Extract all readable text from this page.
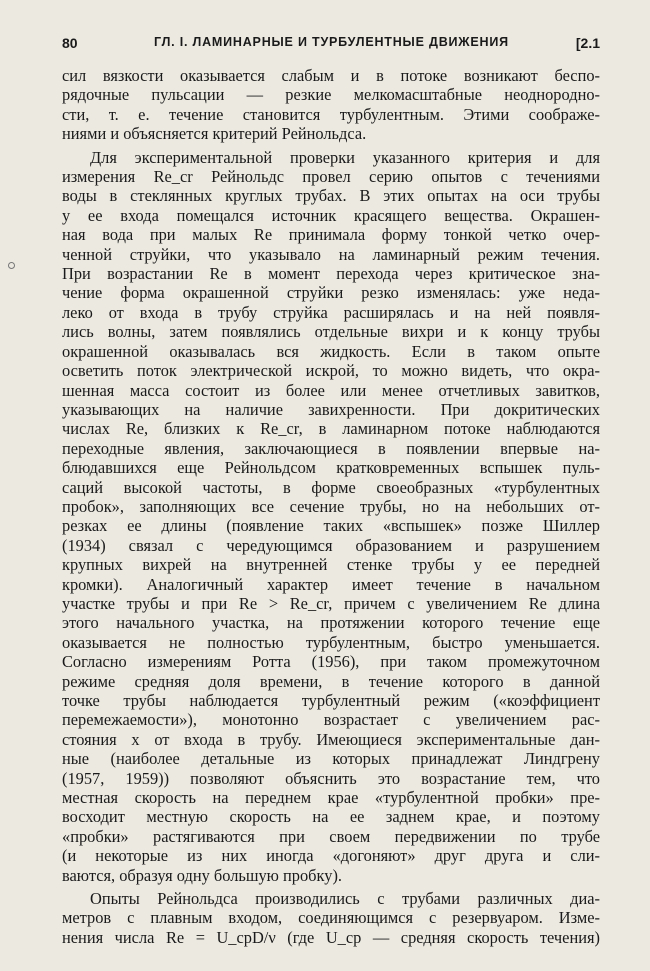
80	ГЛ. I. ЛАМИНАРНЫЕ И ТУРБУЛЕНТНЫЕ ДВИЖЕНИЯ	[2.1

сил вязкости оказывается слабым и в потоке возникают беспо-
рядочные пульсации — резкие мелкомасштабные неоднородно-
сти, т. е. течение становится турбулентным. Этими соображе-
ниями и объясняется критерий Рейнольдса.

Для экспериментальной проверки указанного критерия и для
измерения Re_cr Рейнольдс провел серию опытов с течениями
воды в стеклянных круглых трубах. В этих опытах на оси трубы
у ее входа помещался источник красящего вещества. Окрашен-
ная вода при малых Re принимала форму тонкой четко очер-
ченной струйки, что указывало на ламинарный режим течения.
При возрастании Re в момент перехода через критическое зна-
чение форма окрашенной струйки резко изменялась: уже неда-
леко от входа в трубу струйка расширялась и на ней появля-
лись волны, затем появлялись отдельные вихри и к концу трубы
окрашенной оказывалась вся жидкость. Если в таком опыте
осветить поток электрической искрой, то можно видеть, что окра-
шенная масса состоит из более или менее отчетливых завитков,
указывающих на наличие завихренности. При докритических
числах Re, близких к Re_cr, в ламинарном потоке наблюдаются
переходные явления, заключающиеся в появлении впервые на-
блюдавшихся еще Рейнольдсом кратковременных вспышек пуль-
саций высокой частоты, в форме своеобразных «турбулентных
пробок», заполняющих все сечение трубы, но на небольших от-
резках ее длины (появление таких «вспышек» позже Шиллер
(1934) связал с чередующимся образованием и разрушением
крупных вихрей на внутренней стенке трубы у ее передней
кромки). Аналогичный характер имеет течение в начальном
участке трубы и при Re > Re_cr, причем с увеличением Re длина
этого начального участка, на протяжении которого течение еще
оказывается не полностью турбулентным, быстро уменьшается.
Согласно измерениям Ротта (1956), при таком промежуточном
режиме средняя доля времени, в течение которого в данной
точке трубы наблюдается турбулентный режим («коэффициент
перемежаемости»), монотонно возрастает с увеличением рас-
стояния x от входа в трубу. Имеющиеся экспериментальные дан-
ные (наиболее детальные из которых принадлежат Линдгрену
(1957, 1959)) позволяют объяснить это возрастание тем, что
местная скорость на переднем крае «турбулентной пробки» пре-
восходит местную скорость на ее заднем крае, и поэтому
«пробки» растягиваются при своем передвижении по трубе
(и некоторые из них иногда «догоняют» друг друга и сли-
ваются, образуя одну большую пробку).

Опыты Рейнольдса производились с трубами различных диа-
метров с плавным входом, соединяющимся с резервуаром. Изме-
нения числа Re = U_cpD/ν (где U_cp — средняя скорость течения)
